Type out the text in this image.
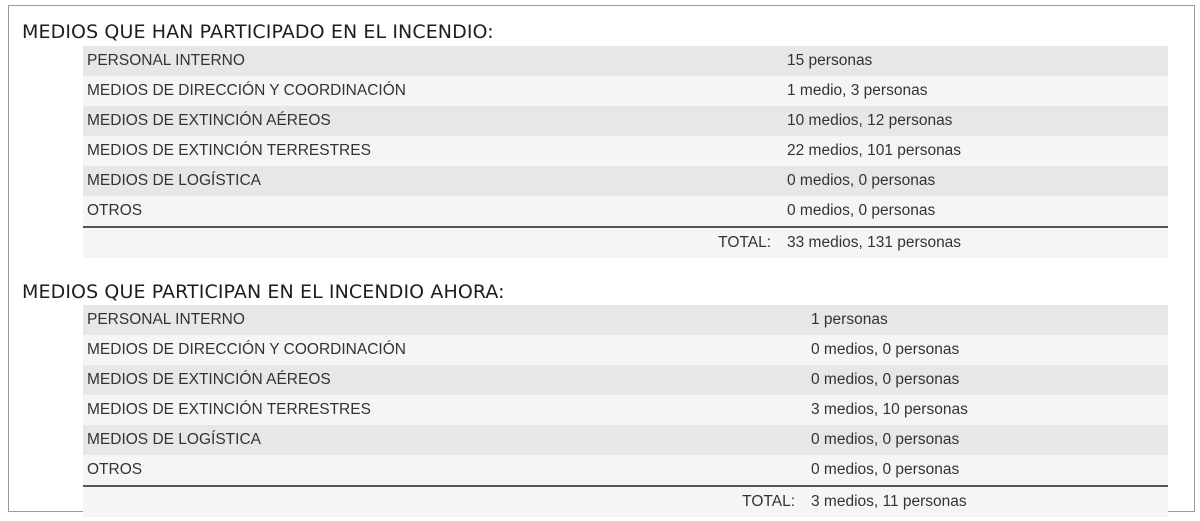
MEDIOS QUE HAN PARTICIPADO EN EL INCENDIO:
PERSONAL INTERNO	15 personas
MEDIOS DE DIRECCIÓN Y COORDINACIÓN	1 medio, 3 personas
MEDIOS DE EXTINCIÓN AÉREOS	10 medios, 12 personas
MEDIOS DE EXTINCIÓN TERRESTRES	22 medios, 101 personas
MEDIOS DE LOGÍSTICA	0 medios, 0 personas
OTROS	0 medios, 0 personas

TOTAL:	33 medios, 131 personas
MEDIOS QUE PARTICIPAN EN EL INCENDIO AHORA:
PERSONAL INTERNO	1 personas
MEDIOS DE DIRECCIÓN Y COORDINACIÓN	0 medios, 0 personas
MEDIOS DE EXTINCIÓN AÉREOS	0 medios, 0 personas
MEDIOS DE EXTINCIÓN TERRESTRES	3 medios, 10 personas
MEDIOS DE LOGÍSTICA	0 medios, 0 personas
OTROS	0 medios, 0 personas

TOTAL:	3 medios, 11 personas
